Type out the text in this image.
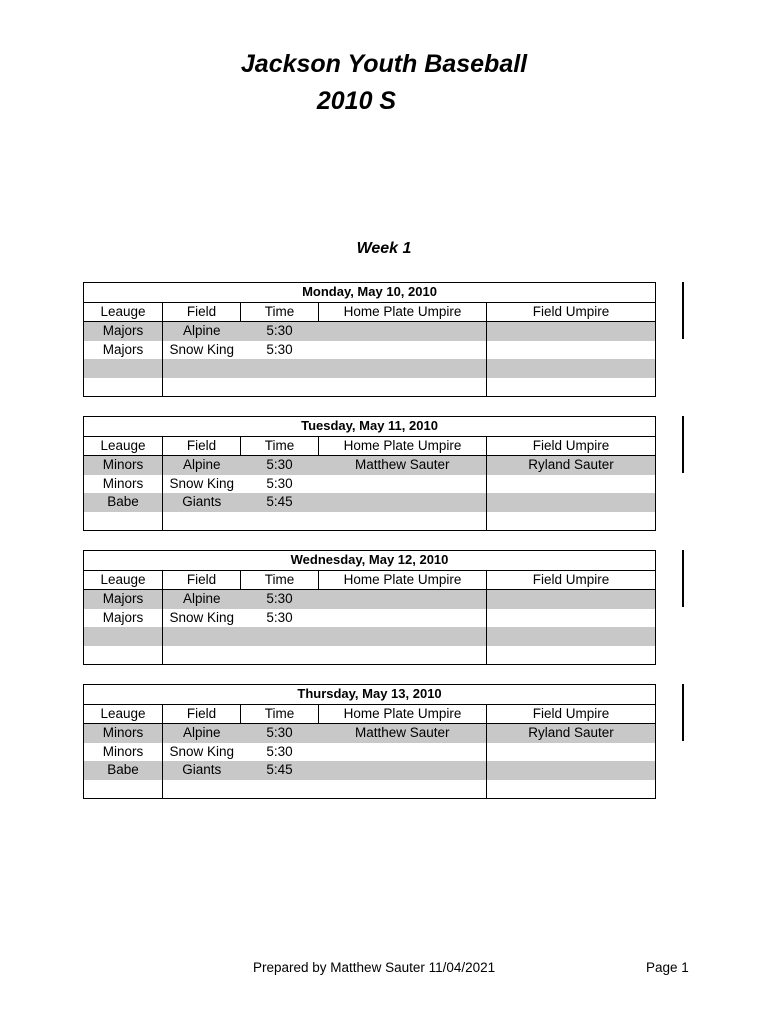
Jackson Youth Baseball
2010 S
Week 1
Monday, May 10, 2010				
Leauge	Field	Time	Home Plate Umpire	Field Umpire
Majors	Alpine	5:30		
Majors	Snow King	5:30		

Tuesday, May 11, 2010				
Leauge	Field	Time	Home Plate Umpire	Field Umpire
Minors	Alpine	5:30	Matthew Sauter	Ryland Sauter
Minors	Snow King	5:30		
Babe	Giants	5:45		

Wednesday, May 12, 2010				
Leauge	Field	Time	Home Plate Umpire	Field Umpire
Majors	Alpine	5:30		
Majors	Snow King	5:30		

Thursday, May 13, 2010				
Leauge	Field	Time	Home Plate Umpire	Field Umpire
Minors	Alpine	5:30	Matthew Sauter	Ryland Sauter
Minors	Snow King	5:30		
Babe	Giants	5:45		

Prepared by Matthew Sauter 11/04/2021	Page 1
